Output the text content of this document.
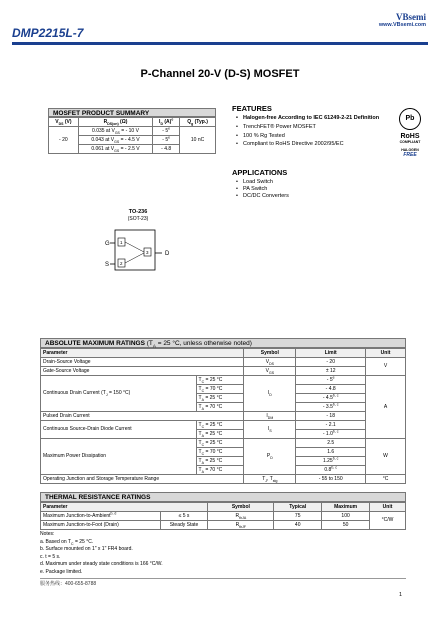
DMP2215L-7
VBsemi
www.VBsemi.com
P-Channel 20-V (D-S) MOSFET
MOSFET PRODUCT SUMMARY
$V_{DS}$ (V)	$R_{DS(on)}$ (Ω)	$I_D$ $(A)^e$	$Q_g$ (Typ.)
- 20	0.035 at $V_{GS}$ = - 10 V	- 5e	10 nC
	0.043 at $V_{GS}$ = - 4.5 V	- 5e
	0.061 at $V_{GS}$ = - 2.5 V	- 4.8	
FEATURES
• Halogen-free According to IEC 61249-2-21 Definition
• TrenchFET® Power MOSFET
• 100 % Rg Tested
• Compliant to RoHS Directive 2002/95/EC
APPLICATIONS
• Load Switch
• PA Switch
• DC/DC Converters
Pb
RoHS
COMPLIANT
HALOGEN
FREE
TO-236
(SOT-23)
G
S
D
1
2
3
ABSOLUTE MAXIMUM RATINGS ($T_A = 25$ °C, unless otherwise noted)
Parameter		Symbol	Limit	Unit
Drain-Source Voltage		$V_{DS}$	- 20	V
Gate-Source Voltage		$V_{GS}$	± 12	
Continuous Drain Current ($T_J = 150$ °C)	$T_C = 25$ °C	$I_D$	- 5e	A
	$T_C = 70$ °C		- 4.8	
	$T_A = 25$ °C		- 4.5$^{b, c}$
	$T_A = 70$ °C		- 3.5$^{b, c}$
Pulsed Drain Current		$I_{DM}$	- 18	
Continuous Source-Drain Diode Current	$T_C = 25$ °C	$I_S$	- 2.1	
	$T_A = 25$ °C		- 1.0$^{b, c}$
Maximum Power Dissipation	$T_C = 25$ °C	$P_D$	2.5	W
	$T_C = 70$ °C		1.6	
	$T_A = 25$ °C		1.25$^{b, c}$
	$T_A = 70$ °C		0.8$^{b, c}$
Operating Junction and Storage Temperature Range		$T_J$, $T_{stg}$	- 55 to 150	°C
THERMAL RESISTANCE RATINGS
Parameter		Symbol	Typical	Maximum	Unit
Maximum Junction-to-Ambient$^{b, d}$	≤ 5 s	$R_{thJA}$	75	100	°C/W
Maximum Junction-to-Foot (Drain)	Steady State	$R_{thJF}$	40	50	
Notes:
a. Based on $T_C = 25$ °C.
b. Surface mounted on 1" x 1" FR4 board.
c. t = 5 s.
d. Maximum under steady state conditions is 166 °C/W.
e. Package limited.
服务热线：400-655-8788
1
